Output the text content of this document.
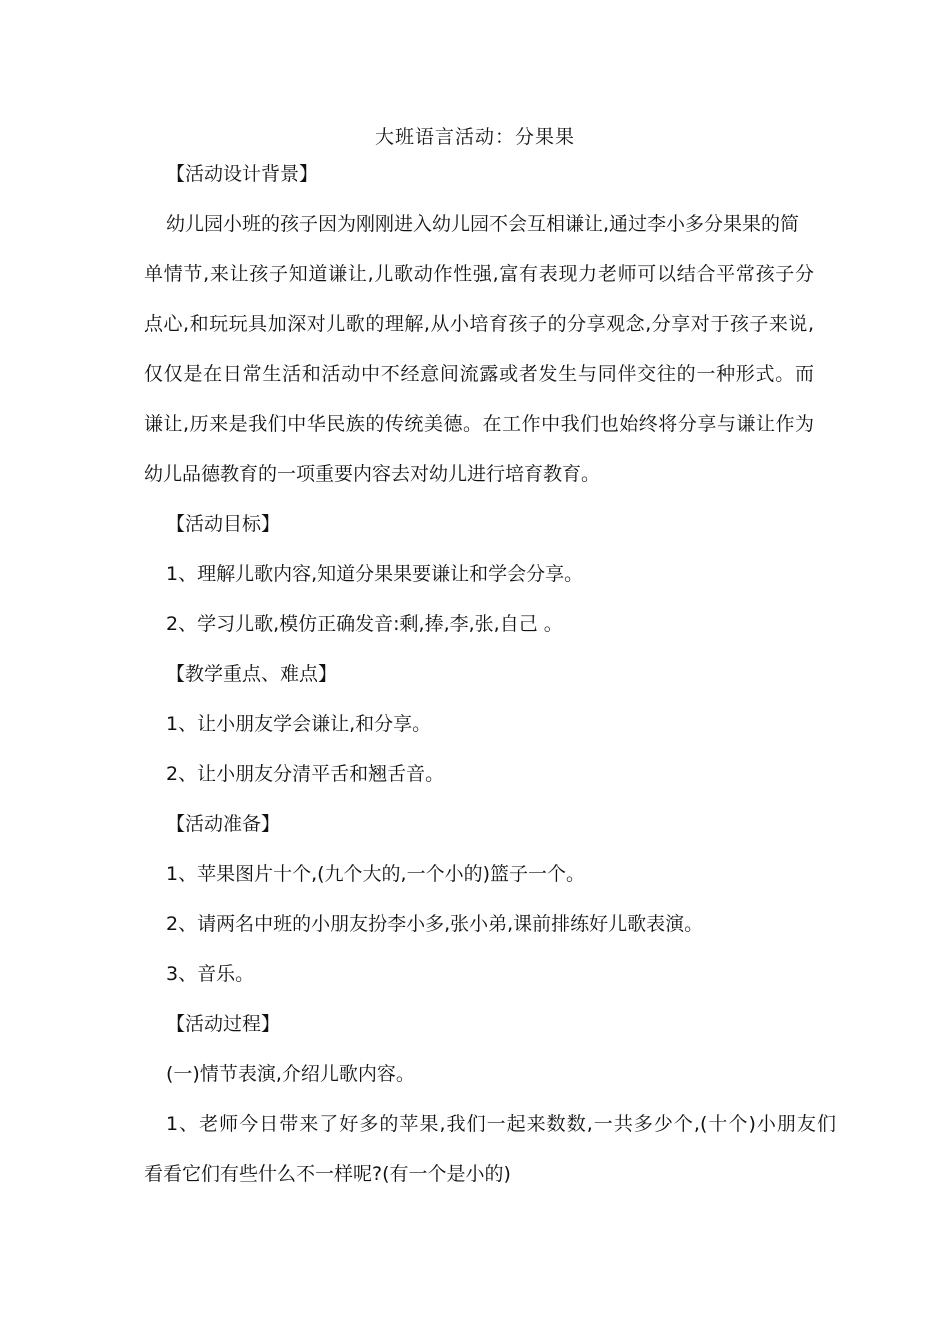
大班语言活动：分果果
【活动设计背景】
幼儿园小班的孩子因为刚刚进入幼儿园不会互相谦让,通过李小多分果果的简
单情节,来让孩子知道谦让,儿歌动作性强,富有表现力老师可以结合平常孩子分
点心,和玩玩具加深对儿歌的理解,从小培育孩子的分享观念,分享对于孩子来说,
仅仅是在日常生活和活动中不经意间流露或者发生与同伴交往的一种形式。而
谦让,历来是我们中华民族的传统美德。在工作中我们也始终将分享与谦让作为
幼儿品德教育的一项重要内容去对幼儿进行培育教育。
【活动目标】
1、理解儿歌内容,知道分果果要谦让和学会分享。
2、学习儿歌,模仿正确发音:剩,捧,李,张,自己 。
【教学重点、难点】
1、让小朋友学会谦让,和分享。
2、让小朋友分清平舌和翘舌音。
【活动准备】
1、苹果图片十个,(九个大的,一个小的)篮子一个。
2、请两名中班的小朋友扮李小多,张小弟,课前排练好儿歌表演。
3、音乐。
【活动过程】
(一)情节表演,介绍儿歌内容。
1、老师今日带来了好多的苹果,我们一起来数数,一共多少个,(十个)小朋友们
看看它们有些什么不一样呢?(有一个是小的)
